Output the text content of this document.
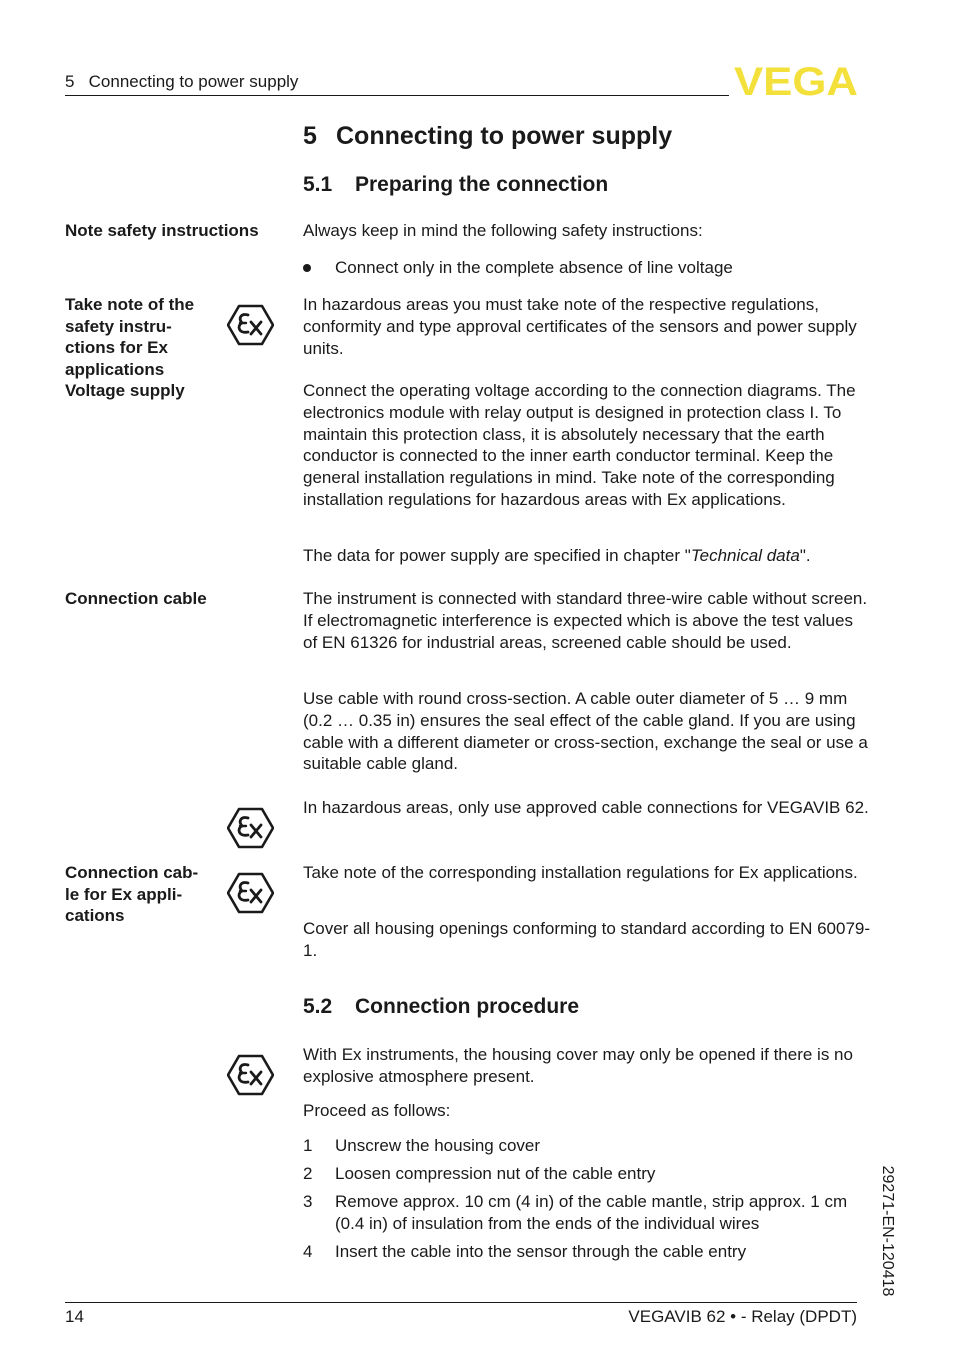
5 Connecting to power supply	VEGA
5 Connecting to power supply
5.1 Preparing the connection
Note safety instructions	Always keep in mind the following safety instructions:
Connect only in the complete absence of line voltage
Take note of the
safety instru-
ctions for Ex
applications
Voltage supply
In hazardous areas you must take note of the respective regulations, conformity and type approval certificates of the sensors and power supply units.
Connect the operating voltage according to the connection diagrams. The electronics module with relay output is designed in protection class I. To maintain this protection class, it is absolutely necessary that the earth conductor is connected to the inner earth conductor terminal. Keep the general installation regulations in mind. Take note of the corresponding installation regulations for hazardous areas with Ex applications.
The data for power supply are specified in chapter "Technical data".
Connection cable	The instrument is connected with standard three-wire cable without screen. If electromagnetic interference is expected which is above the test values of EN 61326 for industrial areas, screened cable should be used.
Use cable with round cross-section. A cable outer diameter of 5 … 9 mm (0.2 … 0.35 in) ensures the seal effect of the cable gland. If you are using cable with a different diameter or cross-section, exchange the seal or use a suitable cable gland.
In hazardous areas, only use approved cable connections for VEGAVIB 62.
Connection cab-
le for Ex appli-
cations
Take note of the corresponding installation regulations for Ex applications.
Cover all housing openings conforming to standard according to EN 60079-1.
5.2 Connection procedure
With Ex instruments, the housing cover may only be opened if there is no explosive atmosphere present.
Proceed as follows:
1 Unscrew the housing cover
2 Loosen compression nut of the cable entry
3 Remove approx. 10 cm (4 in) of the cable mantle, strip approx. 1 cm (0.4 in) of insulation from the ends of the individual wires
4 Insert the cable into the sensor through the cable entry	29271-EN-120418
14	VEGAVIB 62 • - Relay (DPDT)
